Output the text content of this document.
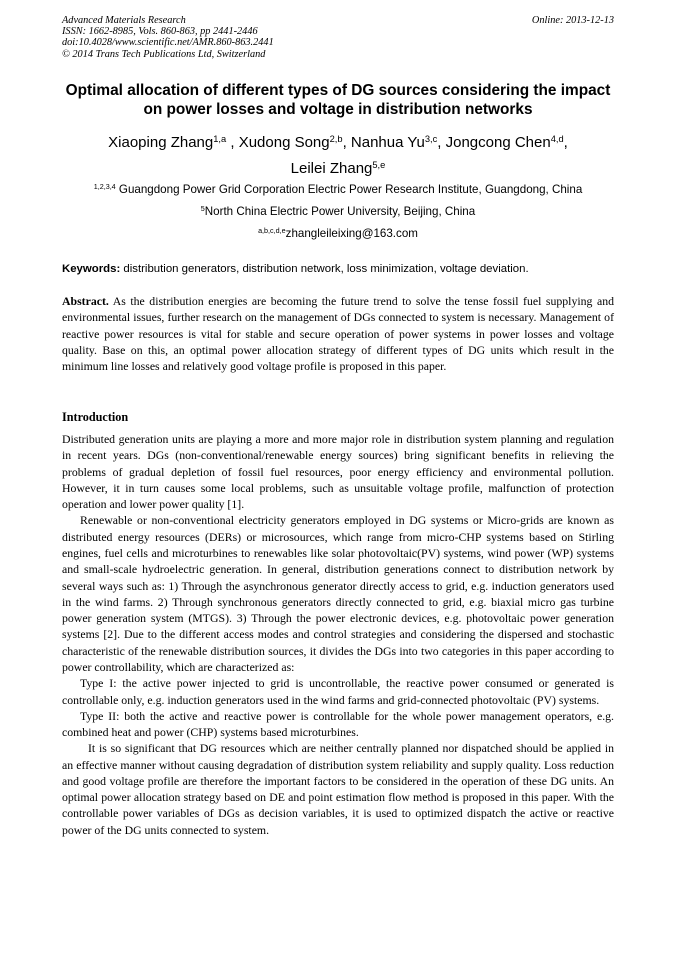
Advanced Materials Research
ISSN: 1662-8985, Vols. 860-863, pp 2441-2446
doi:10.4028/www.scientific.net/AMR.860-863.2441
© 2014 Trans Tech Publications Ltd, Switzerland
Online: 2013-12-13
Optimal allocation of different types of DG sources considering the impact on power losses and voltage in distribution networks
Xiaoping Zhang$^{1,a}$ , Xudong Song$^{2,b}$, Nanhua Yu$^{3,c}$, Jongcong Chen$^{4,d}$,
Leilei Zhang$^{5,e}$
$^{1,2,3,4}$ Guangdong Power Grid Corporation Electric Power Research Institute, Guangdong, China
$^5$North China Electric Power University, Beijing, China
$^{a,b,c,d,e}$zhangleileixing@163.com
Keywords: distribution generators, distribution network, loss minimization, voltage deviation.

Abstract. As the distribution energies are becoming the future trend to solve the tense fossil fuel supplying and environmental issues, further research on the management of DGs connected to system is necessary. Management of reactive power resources is vital for stable and secure operation of power systems in power losses and voltage quality. Base on this, an optimal power allocation strategy of different types of DG units which result in the minimum line losses and relatively good voltage profile is proposed in this paper.

Introduction

Distributed generation units are playing a more and more major role in distribution system planning and regulation in recent years. DGs (non-conventional/renewable energy sources) bring significant benefits in relieving the problems of gradual depletion of fossil fuel resources, poor energy efficiency and environmental pollution. However, it in turn causes some local problems, such as unsuitable voltage profile, malfunction of protection operation and lower power quality [1].

Renewable or non-conventional electricity generators employed in DG systems or Micro-grids are known as distributed energy resources (DERs) or microsources, which range from micro-CHP systems based on Stirling engines, fuel cells and microturbines to renewables like solar photovoltaic(PV) systems, wind power (WP) systems and small-scale hydroelectric generation. In general, distribution generations connect to distribution network by several ways such as: 1) Through the asynchronous generator directly access to grid, e.g. induction generators used in the wind farms. 2) Through synchronous generators directly connected to grid, e.g. biaxial micro gas turbine power generation system (MTGS). 3) Through the power electronic devices, e.g. photovoltaic power generation systems [2]. Due to the different access modes and control strategies and considering the dispersed and stochastic characteristic of the renewable distribution sources, it divides the DGs into two categories in this paper according to power controllability, which are characterized as:

Type I: the active power injected to grid is uncontrollable, the reactive power consumed or generated is controllable only, e.g. induction generators used in the wind farms and grid-connected photovoltaic (PV) systems.

Type II: both the active and reactive power is controllable for the whole power management operators, e.g. combined heat and power (CHP) systems based microturbines.

It is so significant that DG resources which are neither centrally planned nor dispatched should be applied in an effective manner without causing degradation of distribution system reliability and supply quality. Loss reduction and good voltage profile are therefore the important factors to be considered in the operation of these DG units. An optimal power allocation strategy based on DE and point estimation flow method is proposed in this paper. With the controllable power variables of DGs as decision variables, it is used to optimized dispatch the active or reactive power of the DG units connected to system.
